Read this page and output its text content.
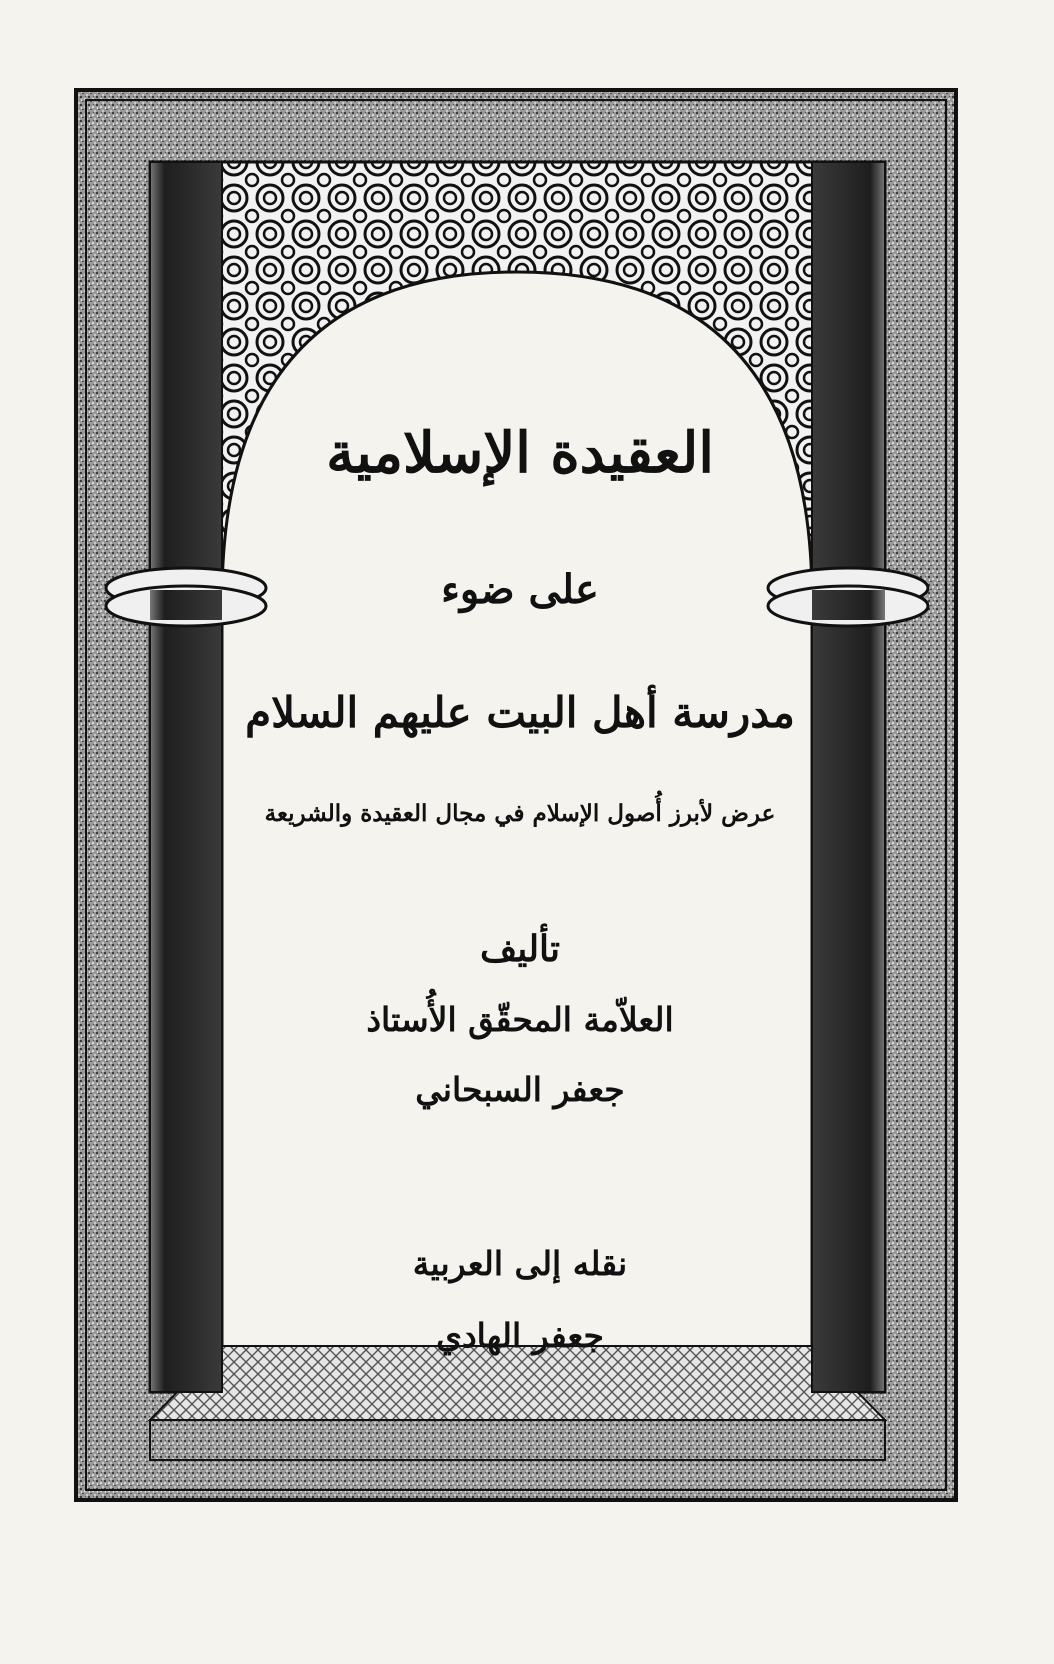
العقيدة الإسلامية
على ضوء
مدرسة أهل البيت عليهم السلام
عرض لأبرز أُصول الإسلام في مجال العقيدة والشريعة
تأليف
العلاّمة المحقّق الأُستاذ
جعفر السبحاني
نقله إلى العربية
جعفر الهادي
